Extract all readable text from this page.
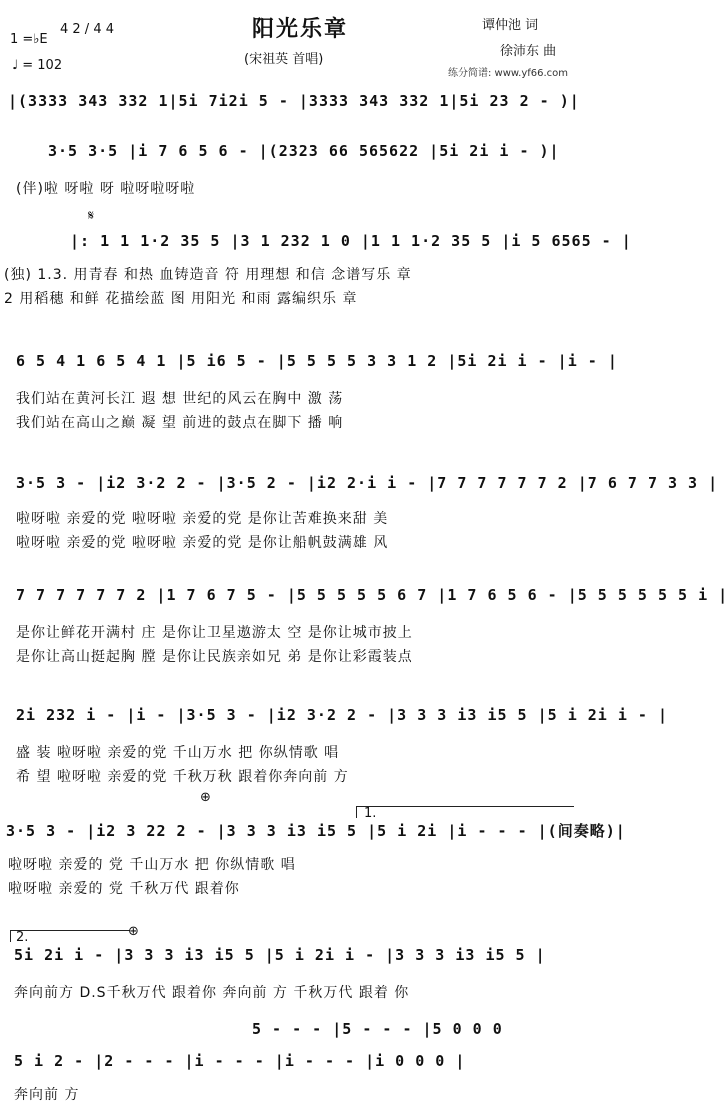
阳光乐章
(宋祖英 首唱)
1 =♭E
4 2 / 4 4
♩ = 102
谭仲池 词
徐沛东 曲
练分简谱: www.yf66.com
|(3333 343 332 1|5i 7i2i 5 - |3333 343 332 1|5i 23 2 - )|
3·5 3·5 |i 7 6 5 6 - |(2323 66 565622 |5i 2i i - )|
(伴)啦 呀啦 呀 啦呀啦呀啦
𝄋
|: 1 1 1·2 35 5 |3 1 232 1 0 |1 1 1·2 35 5 |i 5 6565 - |
(独) 1.3. 用青春 和热 血铸造音 符 用理想 和信 念谱写乐 章
2 用稻穗 和鲜 花描绘蓝 图 用阳光 和雨 露编织乐 章
6 5 4 1 6 5 4 1 |5 i6 5 - |5 5 5 5 3 3 1 2 |5i 2i i - |i - |
我们站在黄河长江 遐 想 世纪的风云在胸中 激 荡
我们站在高山之巅 凝 望 前进的鼓点在脚下 播 响
3·5 3 - |i2 3·2 2 - |3·5 2 - |i2 2·i i - |7 7 7 7 7 7 2 |7 6 7 7 3 3 |
啦呀啦 亲爱的党 啦呀啦 亲爱的党 是你让苦难换来甜 美
啦呀啦 亲爱的党 啦呀啦 亲爱的党 是你让船帆鼓满雄 风
7 7 7 7 7 7 2 |1 7 6 7 5 - |5 5 5 5 5 6 7 |1 7 6 5 6 - |5 5 5 5 5 5 i |
是你让鲜花开满村 庄 是你让卫星遨游太 空 是你让城市披上
是你让高山挺起胸 膛 是你让民族亲如兄 弟 是你让彩霞装点
2i 232 i - |i - |3·5 3 - |i2 3·2 2 - |3 3 3 i3 i5 5 |5 i 2i i - |
盛 装 啦呀啦 亲爱的党 千山万水 把 你纵情歌 唱
希 望 啦呀啦 亲爱的党 千秋万秋 跟着你奔向前 方
⊕
1.
3·5 3 - |i2 3 22 2 - |3 3 3 i3 i5 5 |5 i 2i |i - - - |(间奏略)|
啦呀啦 亲爱的 党 千山万水 把 你纵情歌 唱
啦呀啦 亲爱的 党 千秋万代 跟着你
2.	⊕
5i 2i i - |3 3 3 i3 i5 5 |5 i 2i i - |3 3 3 i3 i5 5 |
奔向前方 D.S千秋万代 跟着你 奔向前 方 千秋万代 跟着 你
5 - - - |5 - - - |5 0 0 0
5 i 2 - |2 - - - |i - - - |i - - - |i 0 0 0 |
奔向前 方
